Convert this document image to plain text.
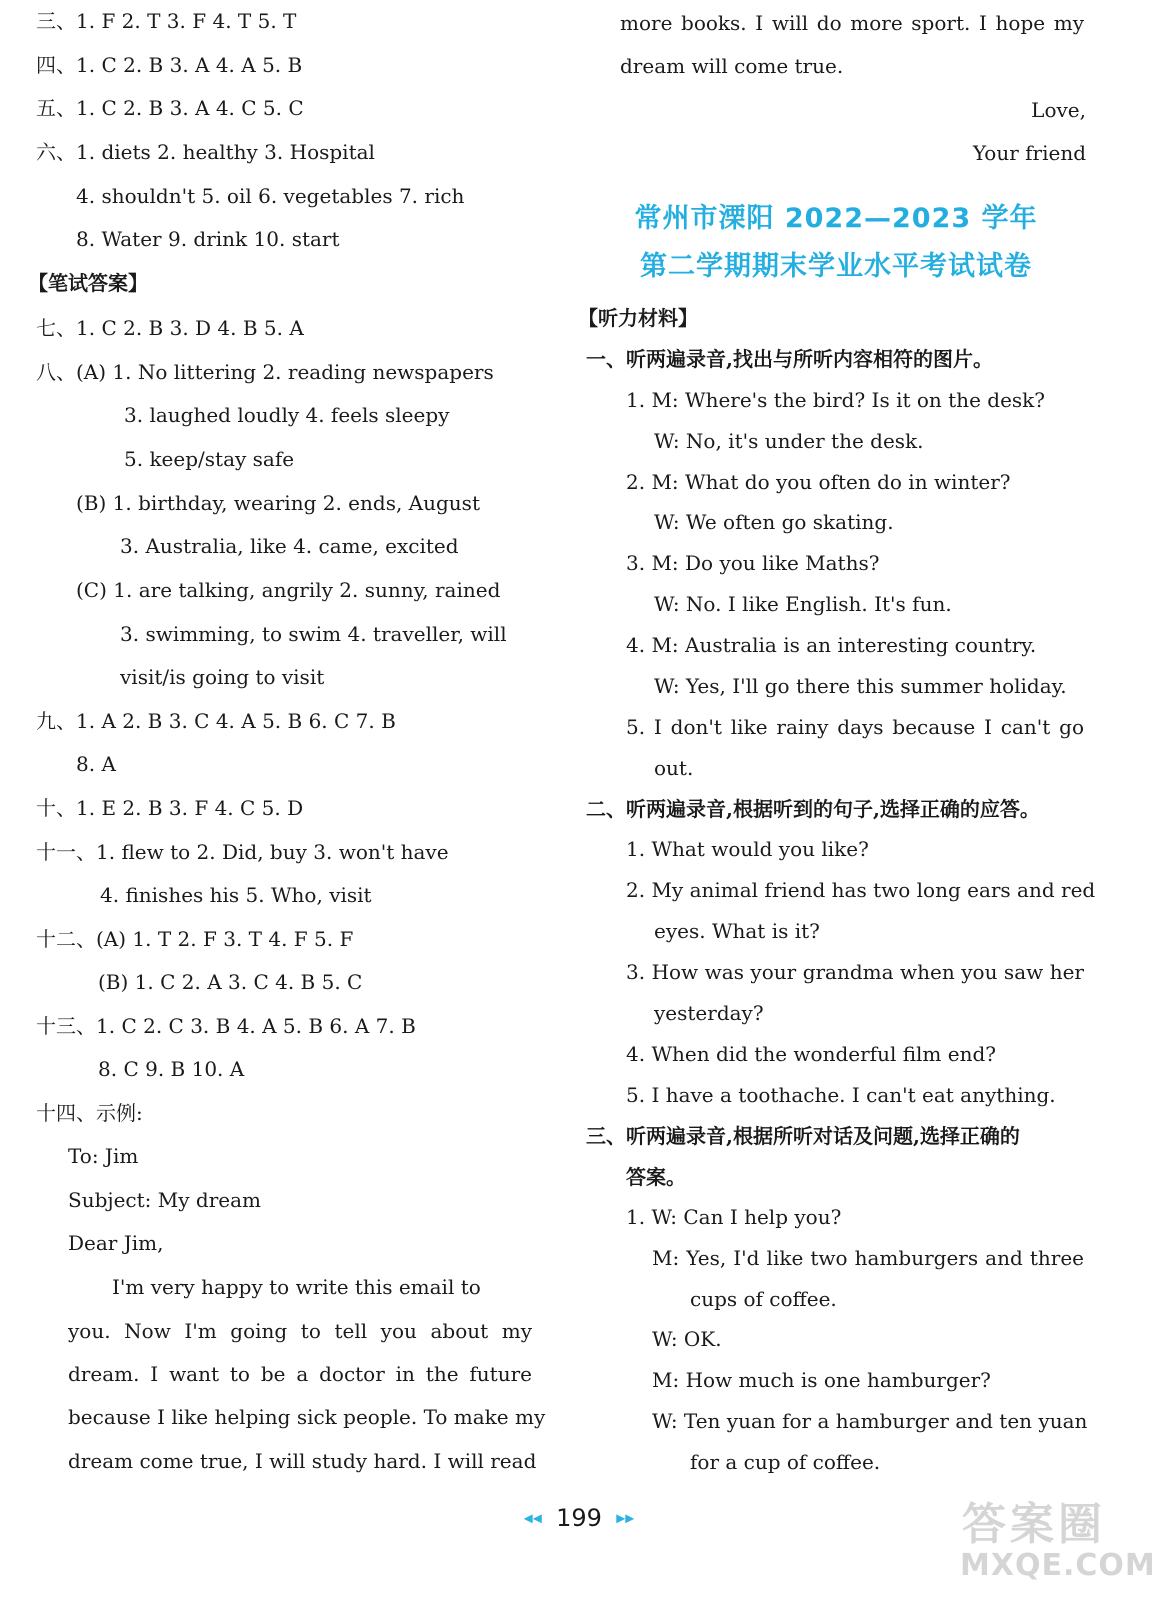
三、1. F 2. T 3. F 4. T 5. T
四、1. C 2. B 3. A 4. A 5. B
五、1. C 2. B 3. A 4. C 5. C
六、1. diets 2. healthy 3. Hospital
4. shouldn't 5. oil 6. vegetables 7. rich
8. Water 9. drink 10. start
【笔试答案】
七、1. C 2. B 3. D 4. B 5. A
八、(A) 1. No littering 2. reading newspapers
3. laughed loudly 4. feels sleepy
5. keep/stay safe
(B) 1. birthday, wearing 2. ends, August
3. Australia, like 4. came, excited
(C) 1. are talking, angrily 2. sunny, rained
3. swimming, to swim 4. traveller, will
visit/is going to visit
九、1. A 2. B 3. C 4. A 5. B 6. C 7. B
8. A
十、1. E 2. B 3. F 4. C 5. D
十一、1. flew to 2. Did, buy 3. won't have
4. finishes his 5. Who, visit
十二、(A) 1. T 2. F 3. T 4. F 5. F
(B) 1. C 2. A 3. C 4. B 5. C
十三、1. C 2. C 3. B 4. A 5. B 6. A 7. B
8. C 9. B 10. A
十四、示例:
To: Jim
Subject: My dream
Dear Jim,
I'm very happy to write this email to
you. Now I'm going to tell you about my
dream. I want to be a doctor in the future
because I like helping sick people. To make my
dream come true, I will study hard. I will read
more books. I will do more sport. I hope my
dream will come true.
Love,
Your friend
常州市溧阳 2022—2023 学年
第二学期期末学业水平考试试卷
【听力材料】
一、听两遍录音,找出与所听内容相符的图片。
1. M: Where's the bird? Is it on the desk?
W: No, it's under the desk.
2. M: What do you often do in winter?
W: We often go skating.
3. M: Do you like Maths?
W: No. I like English. It's fun.
4. M: Australia is an interesting country.
W: Yes, I'll go there this summer holiday.
5. I don't like rainy days because I can't go
out.
二、听两遍录音,根据听到的句子,选择正确的应答。
1. What would you like?
2. My animal friend has two long ears and red
eyes. What is it?
3. How was your grandma when you saw her
yesterday?
4. When did the wonderful film end?
5. I have a toothache. I can't eat anything.
三、听两遍录音,根据所听对话及问题,选择正确的
答案。
1. W: Can I help you?
M: Yes, I'd like two hamburgers and three
cups of coffee.
W: OK.
M: How much is one hamburger?
W: Ten yuan for a hamburger and ten yuan
for a cup of coffee.
◂◂ 199 ▸▸	答案圈
MXQE.COM
